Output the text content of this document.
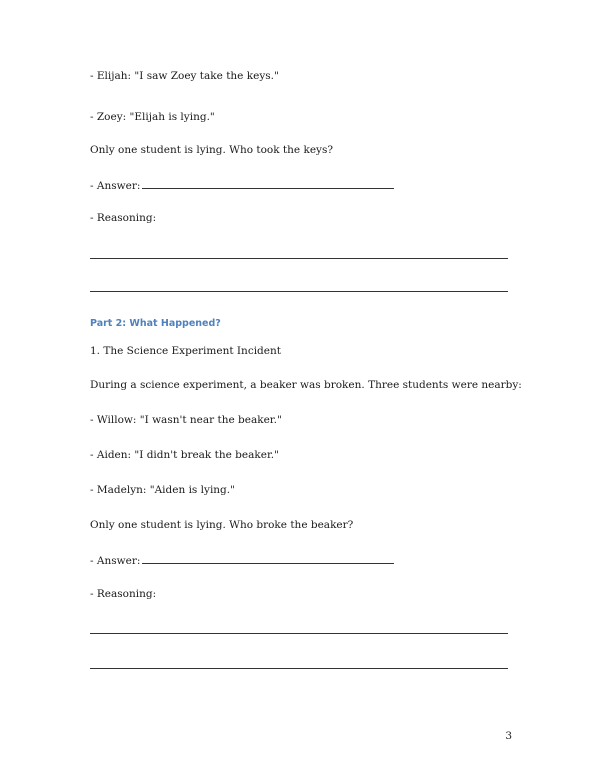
- Elijah: "I saw Zoey take the keys."
- Zoey: "Elijah is lying."
Only one student is lying. Who took the keys?
- Answer:
- Reasoning:
Part 2: What Happened?
1. The Science Experiment Incident
During a science experiment, a beaker was broken. Three students were nearby:
- Willow: "I wasn't near the beaker."
- Aiden: "I didn't break the beaker."
- Madelyn: "Aiden is lying."
Only one student is lying. Who broke the beaker?
- Answer:
- Reasoning:
3
